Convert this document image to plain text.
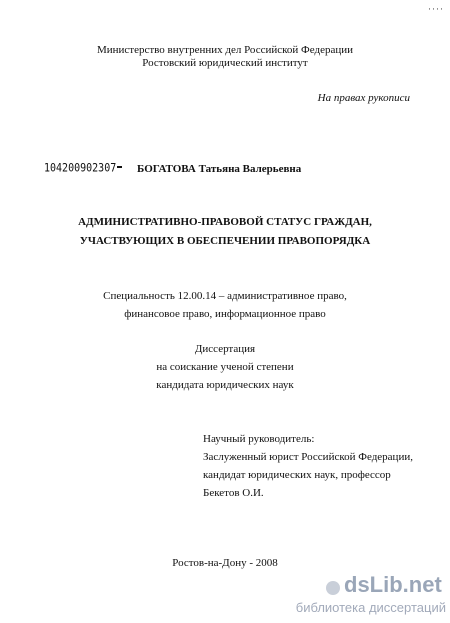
····
Министерство внутренних дел Российской Федерации
Ростовский юридический институт
На правах рукописи
104200902307 БОГАТОВА Татьяна Валерьевна
АДМИНИСТРАТИВНО-ПРАВОВОЙ СТАТУС ГРАЖДАН,
УЧАСТВУЮЩИХ В ОБЕСПЕЧЕНИИ ПРАВОПОРЯДКА
Специальность 12.00.14 – административное право,
финансовое право, информационное право
Диссертация
на соискание ученой степени
кандидата юридических наук
Научный руководитель:
Заслуженный юрист Российской Федерации,
кандидат юридических наук, профессор
Бекетов О.И.
Ростов-на-Дону - 2008
dsLib.net
библиотека диссертаций
